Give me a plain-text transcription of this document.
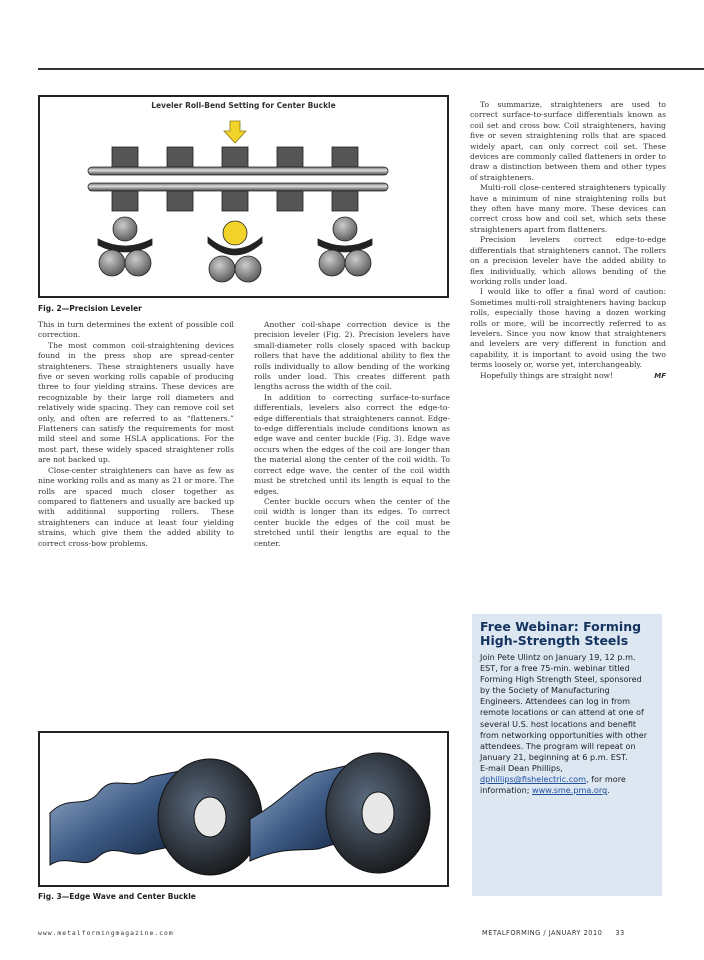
Leveler Roll-Bend Setting for Center Buckle
Fig. 2—Precision Leveler

This in turn determines the extent of possible coil correction.

The most common coil-straightening devices found in the press shop are spread-center straighteners. These straighteners usually have five or seven working rolls capable of producing three to four yielding strains. These devices are recognizable by their large roll diameters and relatively wide spacing. They can remove coil set only, and often are referred to as “flatteners.” Flatteners can satisfy the requirements for most mild steel and some HSLA applications. For the most part, these widely spaced straightener rolls are not backed up.

Close-center straighteners can have as few as nine working rolls and as many as 21 or more. The rolls are spaced much closer together as compared to flatteners and usually are backed up with additional supporting rollers. These straighteners can induce at least four yielding strains, which give them the added ability to correct cross-bow problems.

Another coil-shape correction device is the precision leveler (Fig. 2). Precision levelers have small-diameter rolls closely spaced with backup rollers that have the additional ability to flex the rolls individually to allow bending of the working rolls under load. This creates different path lengths across the width of the coil.

In addition to correcting surface-to-surface differentials, levelers also correct the edge-to-edge differentials that straighteners cannot. Edge-to-edge differentials include conditions known as edge wave and center buckle (Fig. 3). Edge wave occurs when the edges of the coil are longer than the material along the center of the coil width. To correct edge wave, the center of the coil width must be stretched until its length is equal to the edges.

Center buckle occurs when the center of the coil width is longer than its edges. To correct center buckle the edges of the coil must be stretched until their lengths are equal to the center.

To summarize, straighteners are used to correct surface-to-surface differentials known as coil set and cross bow. Coil straighteners, having five or seven straightening rolls that are spaced widely apart, can only correct coil set. These devices are commonly called flatteners in order to draw a distinction between them and other types of straighteners.

Multi-roll close-centered straighteners typically have a minimum of nine straightening rolls but they often have many more. These devices can correct cross bow and coil set, which sets these straighteners apart from flatteners.

Precision levelers correct edge-to-edge differentials that straighteners cannot. The rollers on a precision leveler have the added ability to flex individually, which allows bending of the working rolls under load.

I would like to offer a final word of caution: Sometimes multi-roll straighteners having backup rolls, especially those having a dozen working rolls or more, will be incorrectly referred to as levelers. Since you now know that straighteners and levelers are very different in function and capability, it is important to avoid using the two terms loosely or, worse yet, interchangeably.

Hopefully things are straight now!	MF

Fig. 3—Edge Wave and Center Buckle
Free Webinar: Forming High-Strength Steels
Join Pete Ulintz on January 19, 12 p.m. EST, for a free 75-min. webinar titled Forming High Strength Steel, sponsored by the Society of Manufacturing Engineers. Attendees can log in from remote locations or can attend at one of several U.S. host locations and benefit from networking opportunities with other attendees. The program will repeat on January 21, beginning at 6 p.m. EST.
E-mail Dean Phillips, dphillips@fishelectric.com, for more information; www.sme.pma.org.
www.metalformingmagazine.com	METALFORMING / JANUARY 2010     33
